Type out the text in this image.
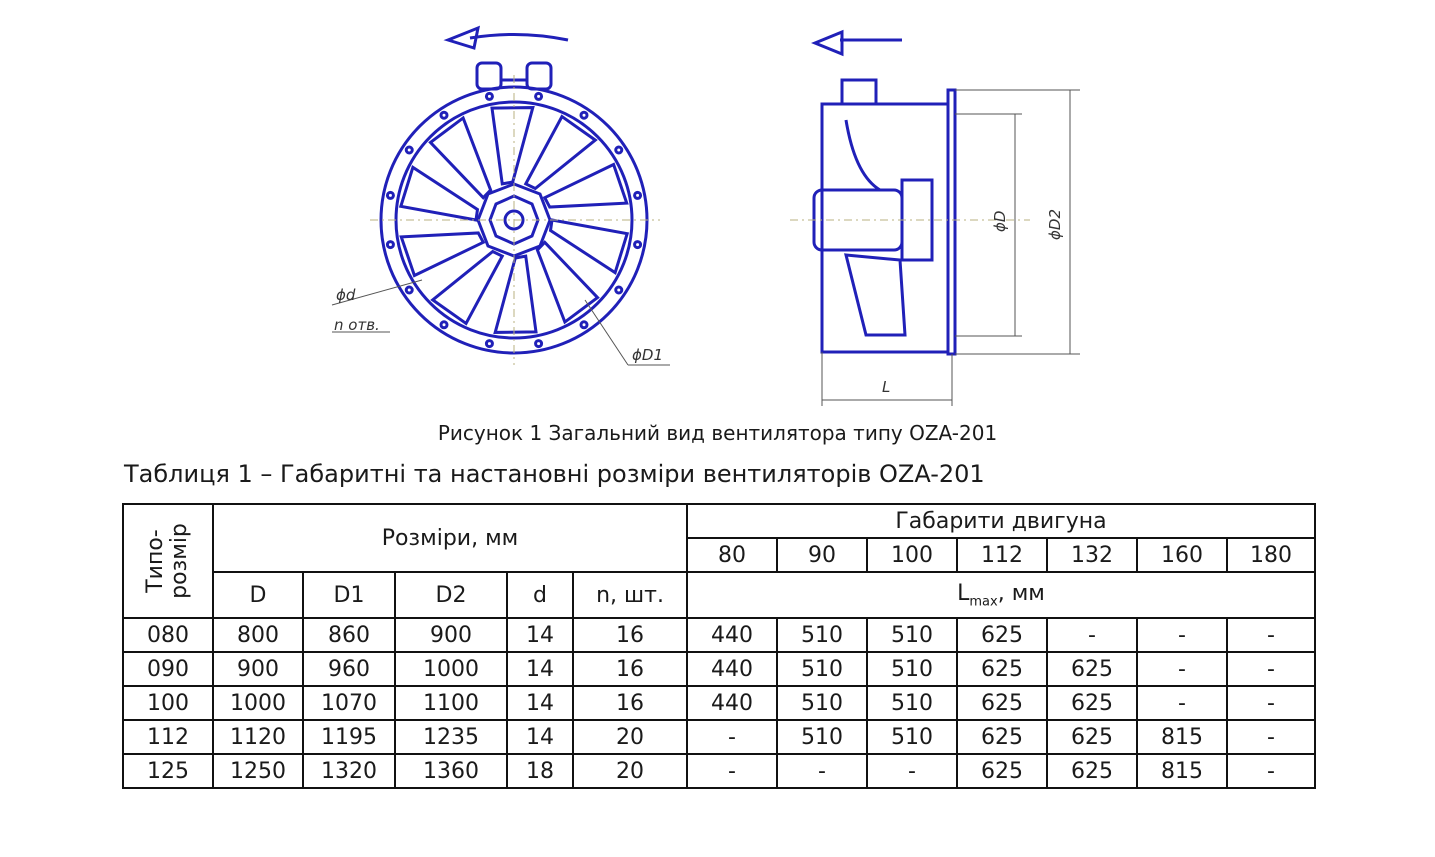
ϕd
n отв.
ϕD1
ϕD ϕD2
L
Рисунок 1 Загальний вид вентилятора типу OZA-201
Таблиця 1 – Габаритні та настановні розміри вентиляторів OZA-201
Типо-
розмір	Розміри, мм					Габарити двигуна						
						80	90	100	112	132	160	180
	D	D1	D2	d	n, шт.	$L_{max}$, мм						
080	800	860	900	14	16	440	510	510	625	-	-	-
090	900	960	1000	14	16	440	510	510	625	625	-	-
100	1000	1070	1100	14	16	440	510	510	625	625	-	-
112	1120	1195	1235	14	20	-	510	510	625	625	815	-
125	1250	1320	1360	18	20	-	-	-	625	625	815	-
